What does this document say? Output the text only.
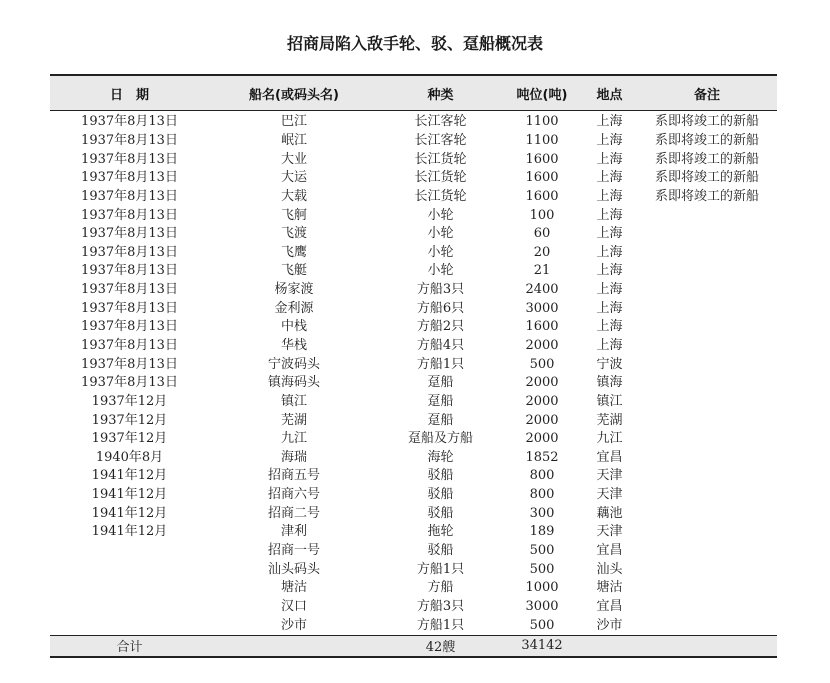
招商局陷入敌手轮、驳、趸船概况表
日　期	船名(或码头名)	种类	吨位(吨)	地点	备注
1937年8月13日	巴江	长江客轮	1100	上海	系即将竣工的新船
1937年8月13日	岷江	长江客轮	1100	上海	系即将竣工的新船
1937年8月13日	大业	长江货轮	1600	上海	系即将竣工的新船
1937年8月13日	大运	长江货轮	1600	上海	系即将竣工的新船
1937年8月13日	大载	长江货轮	1600	上海	系即将竣工的新船
1937年8月13日	飞舸	小轮	100	上海	
1937年8月13日	飞渡	小轮	60	上海	
1937年8月13日	飞鹰	小轮	20	上海	
1937年8月13日	飞艇	小轮	21	上海	
1937年8月13日	杨家渡	方船3只	2400	上海	
1937年8月13日	金利源	方船6只	3000	上海	
1937年8月13日	中栈	方船2只	1600	上海	
1937年8月13日	华栈	方船4只	2000	上海	
1937年8月13日	宁波码头	方船1只	500	宁波	
1937年8月13日	镇海码头	趸船	2000	镇海	
1937年12月	镇江	趸船	2000	镇江	
1937年12月	芜湖	趸船	2000	芜湖	
1937年12月	九江	趸船及方船	2000	九江	
1940年8月	海瑞	海轮	1852	宜昌	
1941年12月	招商五号	驳船	800	天津	
1941年12月	招商六号	驳船	800	天津	
1941年12月	招商二号	驳船	300	藕池	
1941年12月	津利	拖轮	189	天津	
	招商一号	驳船	500	宜昌	
	汕头码头	方船1只	500	汕头	
	塘沽	方船	1000	塘沽	
	汉口	方船3只	3000	宜昌	
	沙市	方船1只	500	沙市	
合计		42艘	34142		
